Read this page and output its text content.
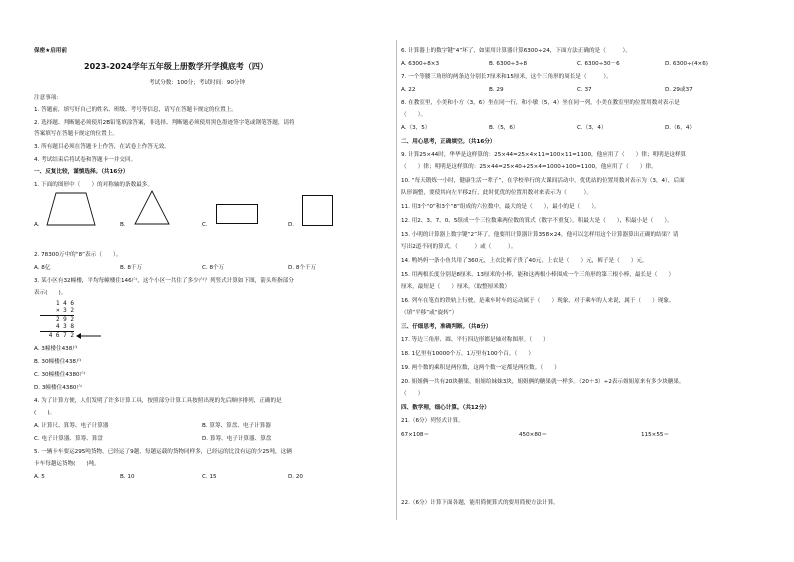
保密★启用前
2023-2024学年五年级上册数学开学摸底考（四）
考试分数：100分；考试时间：90分钟
注意事项：
1. 答题前，填写好自己的姓名、班级、考号等信息，请写在答题卡规定的位置上。
2. 选择题、判断题必须使用2B铅笔填涂答案，非选择、判断题必须使用黑色墨迹签字笔或钢笔答题，请将
答案填写在答题卡规定的位置上。
3. 所有题目必须在答题卡上作答，在试卷上作答无效。
4. 考试结束后将试卷和答题卡一并交回。
一、反复比较，谨慎选择。（共16分）
1. 下面的图形中（　　）的对称轴的条数最多。
A.	B.	C.	D.
2. 78300万中的“8”表示（　　）。
A. 8亿	B. 8千万	C. 8个万	D. 8个千万
3. 某小区有32幢楼，平均每幢楼住146户，这个小区一共住了多少户？列竖式计算如下图，箭头所指部分
表示(　　)。
1 4 6
× 3 2
2 9 2
4 3 8
4 6 7 2
A. 3幢楼住438户
B. 30幢楼住438户
C. 30幢楼住4380户
D. 3幢楼住4380户
4. 为了计算方便，人们发明了许多计算工具，按照部分计算工具按照出现的先后顺序排列，正确的是
(　　)。
A. 计算尺、算筹、电子计算器	B. 算筹、算盘、电子计算器
C. 电子计算器、算筹、算盘	D. 算筹、电子计算器、算盘
5. 一辆卡车要运295吨货物，已经运了9趟，每趟运载的货物同样多，已经运的比没有运的少25吨，这辆
卡车每趟运货物(　　)吨。
A. 5	B. 10	C. 15	D. 20
6. 计算器上的数字键“4”坏了，如果用计算器计算6300÷24，下面方法正确的是（　　　）。
A. 6300÷8×3	B. 6300÷3÷8	C. 6300÷30－6	D. 6300÷(4×6)
7. 一个等腰三角形的两条边分别长7厘米和15厘米，这个三角形的周长是（　　　）。
A. 22	B. 29	C. 37	D. 29或37
8. 在教室里，小美和小方（3，6）坐在同一行，和小敏（5，4）坐在同一列，小美在教室里的位置用数对表示是
（　　）。
A.（3，5）	B.（5，6）	C.（3，4）	D.（6，4）
二、用心思考，正确填空。（共16分）
9. 计算25×44时，华华是这样算的：25×44=25×4×11=100×11=1100，他应用了（　　）律；明明是这样算
（　　）律；明明是这样算的：25×44=25×40+25×4=1000+100=1100，他应用了（　　）律。
10. “每天锻炼一小时，健康生活一辈子”，在学校举行的大课间活动中，优优站的位置用数对表示为（3，4），后面
队形调整，要使其向左平移2行，此时优优的位置用数对来表示为（　　　）。
11. 用3个“0”和3个“8”组成的六位数中，最大的是（　　），最小的是（　　）。
12. 用2、3、7、0、5组成一个三位数乘两位数的算式（数字不重复），积最大是（　　），积最小是（　　）。
13. 小明的计算器上数字键“2”坏了，他要用计算器计算358×24，他可以怎样用这个计算器算出正确的结果？请
写出2道不同的算式。（　　　）或（　　　）。
14. 鸭妈妈一条小鱼共用了360元，上衣比裤子贵了40元，上衣是（　　）元，裤子是（　　）元。
15. 用两根长度分别是8厘米、13厘米的小棒，能和这两根小棒围成一个三角形的第三根小棒，最长是（　　）
厘米，最短是（　　）厘米。（取整厘米数）
16. 列车在笔直的铁轨上行驶，是乘车时车的运动属于（　　）现象，对于乘车的人来说，属于（　　）现象。
（填“平移”或“旋转”）
三、仔细思考，准确判断。（共8分）
17. 等边三角形、圆、平行四边形都是轴对称图形。（　　）
18. 1亿里有10000个万，1万里有100个百。（　　）
19. 两个数的乘积是两位数，这两个数一定都是两位数。（　　）
20. 姐姐俩一共有20块糖果，姐姐给妹妹3块，姐姐俩的糖果就一样多。（20＋3）÷2表示姐姐原来有多少块糖果。
（　　）
四、数学理，细心计算。（共12分）
21.（6分）列竖式计算。
67×108＝	450×80＝	115×55＝
22.（6分）计算下面各题，能用简便算式的要用简便方法计算。
